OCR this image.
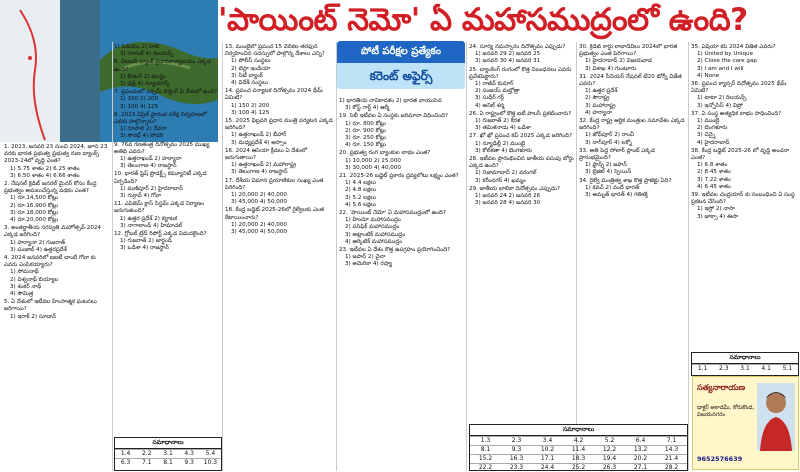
'పాయింట్ నెమో' ఏ మహాసముద్రంలో ఉంది?
పోటీ పరీక్షల ప్రత్యేకం
కరెంట్ అఫైర్స్

1. 2023, జనవరి 23 నుంచి 2024, జూన్ 23 వరకు భారత ప్రభుత్వ ప్రభుత్వ రుణ బ్యాంక్స్ 2023-24లో వృద్ధి ఎంత?
1) 5.75 శాతం 2) 6.25 శాతం
3) 6.50 శాతం 4) 6.66 శాతం

2. నేషనల్ క్రెడిట్ జనరల్ మైనర్ కోసం కేంద్ర ప్రభుత్వం అమలుచేస్తున్న పథకం ఎంత?
1) రూ.14,500 కోట్లు
2) రూ.16,900 కోట్లు
3) రూ.18,000 కోట్లు
4) రూ.20,000 కోట్లు

3. అంతర్జాతీయ సరస్వతి మహోత్సవ్-2024 ఎక్కడ జరిగింది?
1) హర్యానా 2) గుజరాత్
3) పంజాబ్ 4) ఉత్తరప్రదేశ్

4. 2024 జనవరిలో ఐఐటీ బాంబే గోవా కు ఎవరు ఎంపికయ్యారు?
1) సోమనాథ్
2) విశ్వనాథ్ బియ్యాల
3) శంకర్ నాథ్
4) సౌమిత్ర

5. ఏ దేశంలో ఇటీవల హింసాత్మక ఘటనలు జరిగాయి?
1) ఇరాక్ 2) సూడాన్

1) పేడియం 2) హెటి
3) గూగుల్ 4) రిలయన్స్

6. ఏఐఐబీ బ్యాంక్ ప్రధానకార్యాలయం ఎక్కడ ఉంది?
1) బీజింగ్ 2) షాంఘై
3) ఢిల్లీ 4) న్యూయార్క్

7. ప్రపంచంలో పశ్చిమ్ బిల్డింగ్ ఏ దేశంలో ఉంది?
1) 150 2) 200
3) 100 4) 125

8. 2023 ఏప్రిల్ ప్రారంభ పరీక్ష నిర్వహణలో ఎవరు పాల్గొన్నారు?
1) రూపాలి 2) దేవరా
3) సౌరభ్ 4) సోదరి

9. 76వ గణతంత్ర దినోత్సవం 2025 ముఖ్య అతిథి ఎవరు?
1) ఉత్తరాఖండ్ 2) హర్యానా
3) తెలంగాణ 4) రాజస్థాన్

10. భారత్ ఫ్రెష్ ప్రొడక్ట్స్ కమ్యూనిటీ ఎక్కడ ఏర్పడింది?
1) మణిపూర్ 2) హైదరాబాద్
3) గుర్గావ్ 4) గోవా

11. ఎపిజెమ్ క్లాస్ సిస్టమ్ ఎక్కడ నిర్మాణం జరుగుతుంది?
1) ఉత్తర ప్రదేశ్ 2) కర్ణాటక
3) నాగాలాండ్ 4) హిమాచల్

12. గ్లోబల్ ట్రేడ్ రిపోర్ట్ ఎక్కడ విడుదలైంది?
1) గుజరాత్ 2) జార్ఖండ్
3) ఒడిశా 4) రాజస్థాన్

13. ముంబైలో ప్రపంచ 15 వేదికల తరఫున నిర్వహించిన సదస్సులో పాల్గొన్న దేశాలు ఎన్ని?
1) పోలీస్ సంస్థలు
2) టెస్లా ఇండియా
3) సిటీ బ్యాంక్
4) విదేశీ సంస్థలు

14. ప్రపంచ పర్యాటక దినోత్సవం 2024 థీమ్ ఏమిటి?
1) 150 2) 200
3) 100 4) 125

15. 2025 ఫిబ్రవరి ప్రధాన మంత్రి పర్యటన ఎక్కడ జరిగింది?
1) ఉత్తరాఖండ్ 2) బీహార్
3) మధ్యప్రదేశ్ 4) అస్సాం

16. 2024 ఆసియా క్రీడలు ఏ దేశంలో జరుగుతాయి?
1) ఉత్తరాఖండ్ 2) మహారాష్ట్ర
3) తెలంగాణ 4) రాజస్థాన్

17. దేశీయ విమాన ప్రయాణికుల సంఖ్య ఎంత పెరిగింది?
1) 20,000 2) 40,000
3) 45,000 4) 50,000

18. కేంద్ర బడ్జెట్ 2025-26లో రైల్వేలకు ఎంత కేటాయించారు?
1) 20,000 2) 40,000
3) 45,000 4) 50,000

1) భారతీయ నావికాదళం 2) భారత వాయుసేన
3) కోస్ట్ గార్డ్ 4) ఆర్మీ

19. సెబీ ఇటీవల ఏ సంస్థకు జరిమానా విధించింది?
1) రూ. 800 కోట్లు
2) రూ. 900 కోట్లు
3) రూ. 250 కోట్లు
4) రూ. 150 కోట్లు

20. ప్రభుత్వ రంగ బ్యాంకుల లాభం ఎంత?
1) 10,000 2) 25,000
3) 30,000 4) 40,000

21. 2025-26 బడ్జెట్ ప్రకారం ద్రవ్యలోటు లక్ష్యం ఎంత?
1) 4.4 లక్షలు
2) 4.8 లక్షలు
3) 5.2 లక్షలు
4) 5.6 లక్షలు

22. 'పాయింట్ నెమో' ఏ మహాసముద్రంలో ఉంది?
1) హిందూ మహాసముద్రం
2) పసిఫిక్ మహాసముద్రం
3) అట్లాంటిక్ మహాసముద్రం
4) ఆర్కిటిక్ మహాసముద్రం

23. ఇటీవల ఏ దేశం కొత్త ఉపగ్రహం ప్రయోగించింది?
1) జపాన్ 2) చైనా
3) అమెరికా 4) రష్యా

24. సూర్య నమస్కారం దినోత్సవం ఎప్పుడు?
1) జనవరి 29 2) జనవరి 25
3) జనవరి 30 4) జనవరి 31

25. బ్యాంకింగ్ రంగంలో కొత్త నిబంధనలు ఎవరు ప్రవేశపెట్టారు?
1) రాజీవ్ కుమార్
2) సంజయ్ మల్హోత్రా
3) సుధీర్ గర్గ్
4) అనిల్ శర్మ

26. ఏ రాష్ట్రంలో కొత్త ఐటీ పాలసీ ప్రకటించారు?
1) గుజరాత్ 2) కేరళ
3) తమిళనాడు 4) ఒడిశా

27. ఖో ఖో ప్రపంచ కప్ 2025 ఎక్కడ జరిగింది?
1) న్యూఢిల్లీ 2) ముంబై
3) కోల్‌కతా 4) బెంగళూరు

28. ఇటీవల ప్రారంభించిన జాతీయ పసుపు బోర్డు ఎక్కడ ఉంది?
1) నిజామాబాద్ 2) వరంగల్
3) కరీంనగర్ 4) ఖమ్మం

29. జాతీయ బాలికా దినోత్సవం ఎప్పుడు?
1) జనవరి 24 2) జనవరి 26
3) జనవరి 28 4) జనవరి 30

30. క్రెడిట్ కార్డు లావాదేవీలు 2024లో భారత ప్రభుత్వం ఎంత పెరిగాయి?
1) హైదరాబాద్ 2) విజయవాడ
3) విశాఖ 4) గుంటూరు

31. 2024 సీనియర్ నేషనల్ టీ20 టోర్నీ విజేత ఎవరు?
1) ఉత్తర ప్రదేశ్
2) సౌరాష్ట్ర
3) మహారాష్ట్ర
4) హర్యానా

32. కేంద్ర రాష్ట్ర ఆర్థిక మంత్రుల సమావేశం ఎక్కడ జరిగింది?
1) జోధ్‌పూర్ 2) రాంచీ
3) నాగ్‌పూర్ 4) లక్నో

33. అతి పెద్ద సోలార్ ప్లాంట్ ఎక్కడ ప్రారంభమైంది?
1) ఫ్రాన్స్ 2) జపాన్
3) బ్రెజిల్ 4) స్పెయిన్

34. రైల్వే మంత్రిత్వ శాఖ కొత్త ప్రాజెక్టు ఏది?
1) కవచ్ 2) వందే భారత్
3) అమృత్ భారత్ 4) గతిశక్తి

35. ఏషియా కప్ 2024 విజేత ఎవరు?
1) United by Unique
2) Close the care gap
3) I am and I will
4) None

36. ప్రపంచ క్యాన్సర్ దినోత్సవం 2025 థీమ్ ఏమిటి?
1) టాటా 2) రిలయన్స్
3) ఇన్ఫోసిస్ 4) విప్రో

37. ఏ సంస్థ అత్యధిక లాభం సాధించింది?
1) ముంబై
2) బెంగళూరు
3) చెన్నై
4) హైదరాబాద్

38. కేంద్ర బడ్జెట్ 2025-26 లో వృద్ధి అంచనా ఎంత?
1) 6.8 శాతం
2) 8.45 శాతం
3) 7.22 శాతం
4) 6.45 శాతం

39. ఇటీవల చంద్రయాన్ కు సంబంధించి ఏ సంస్థ ప్రకటన చేసింది?
1) ఇస్రో 2) నాసా
3) జాక్సా 4) ఈసా

సమాధానాలు
1.4	2.2	3.1	4.3	5.4
6.3	7.1	8.1	9.3	10.3
సమాధానాలు
1.3	2.3	3.4	4.2	5.2	6.4	7.1
8.1	9.3	10.2	11.4	12.2	13.2	14.3
15.2	16.3	17.1	18.3	19.4	20.2	21.4
22.2	23.3	24.4	25.2	26.3	27.1	28.2
సమాధానాలు
1.1	2.3	3.1	4.1	5.1
సత్యనారాయణ
డాక్టర్ అకాడమీ, కోరుకొండ, విజయనగరం
9652576639
